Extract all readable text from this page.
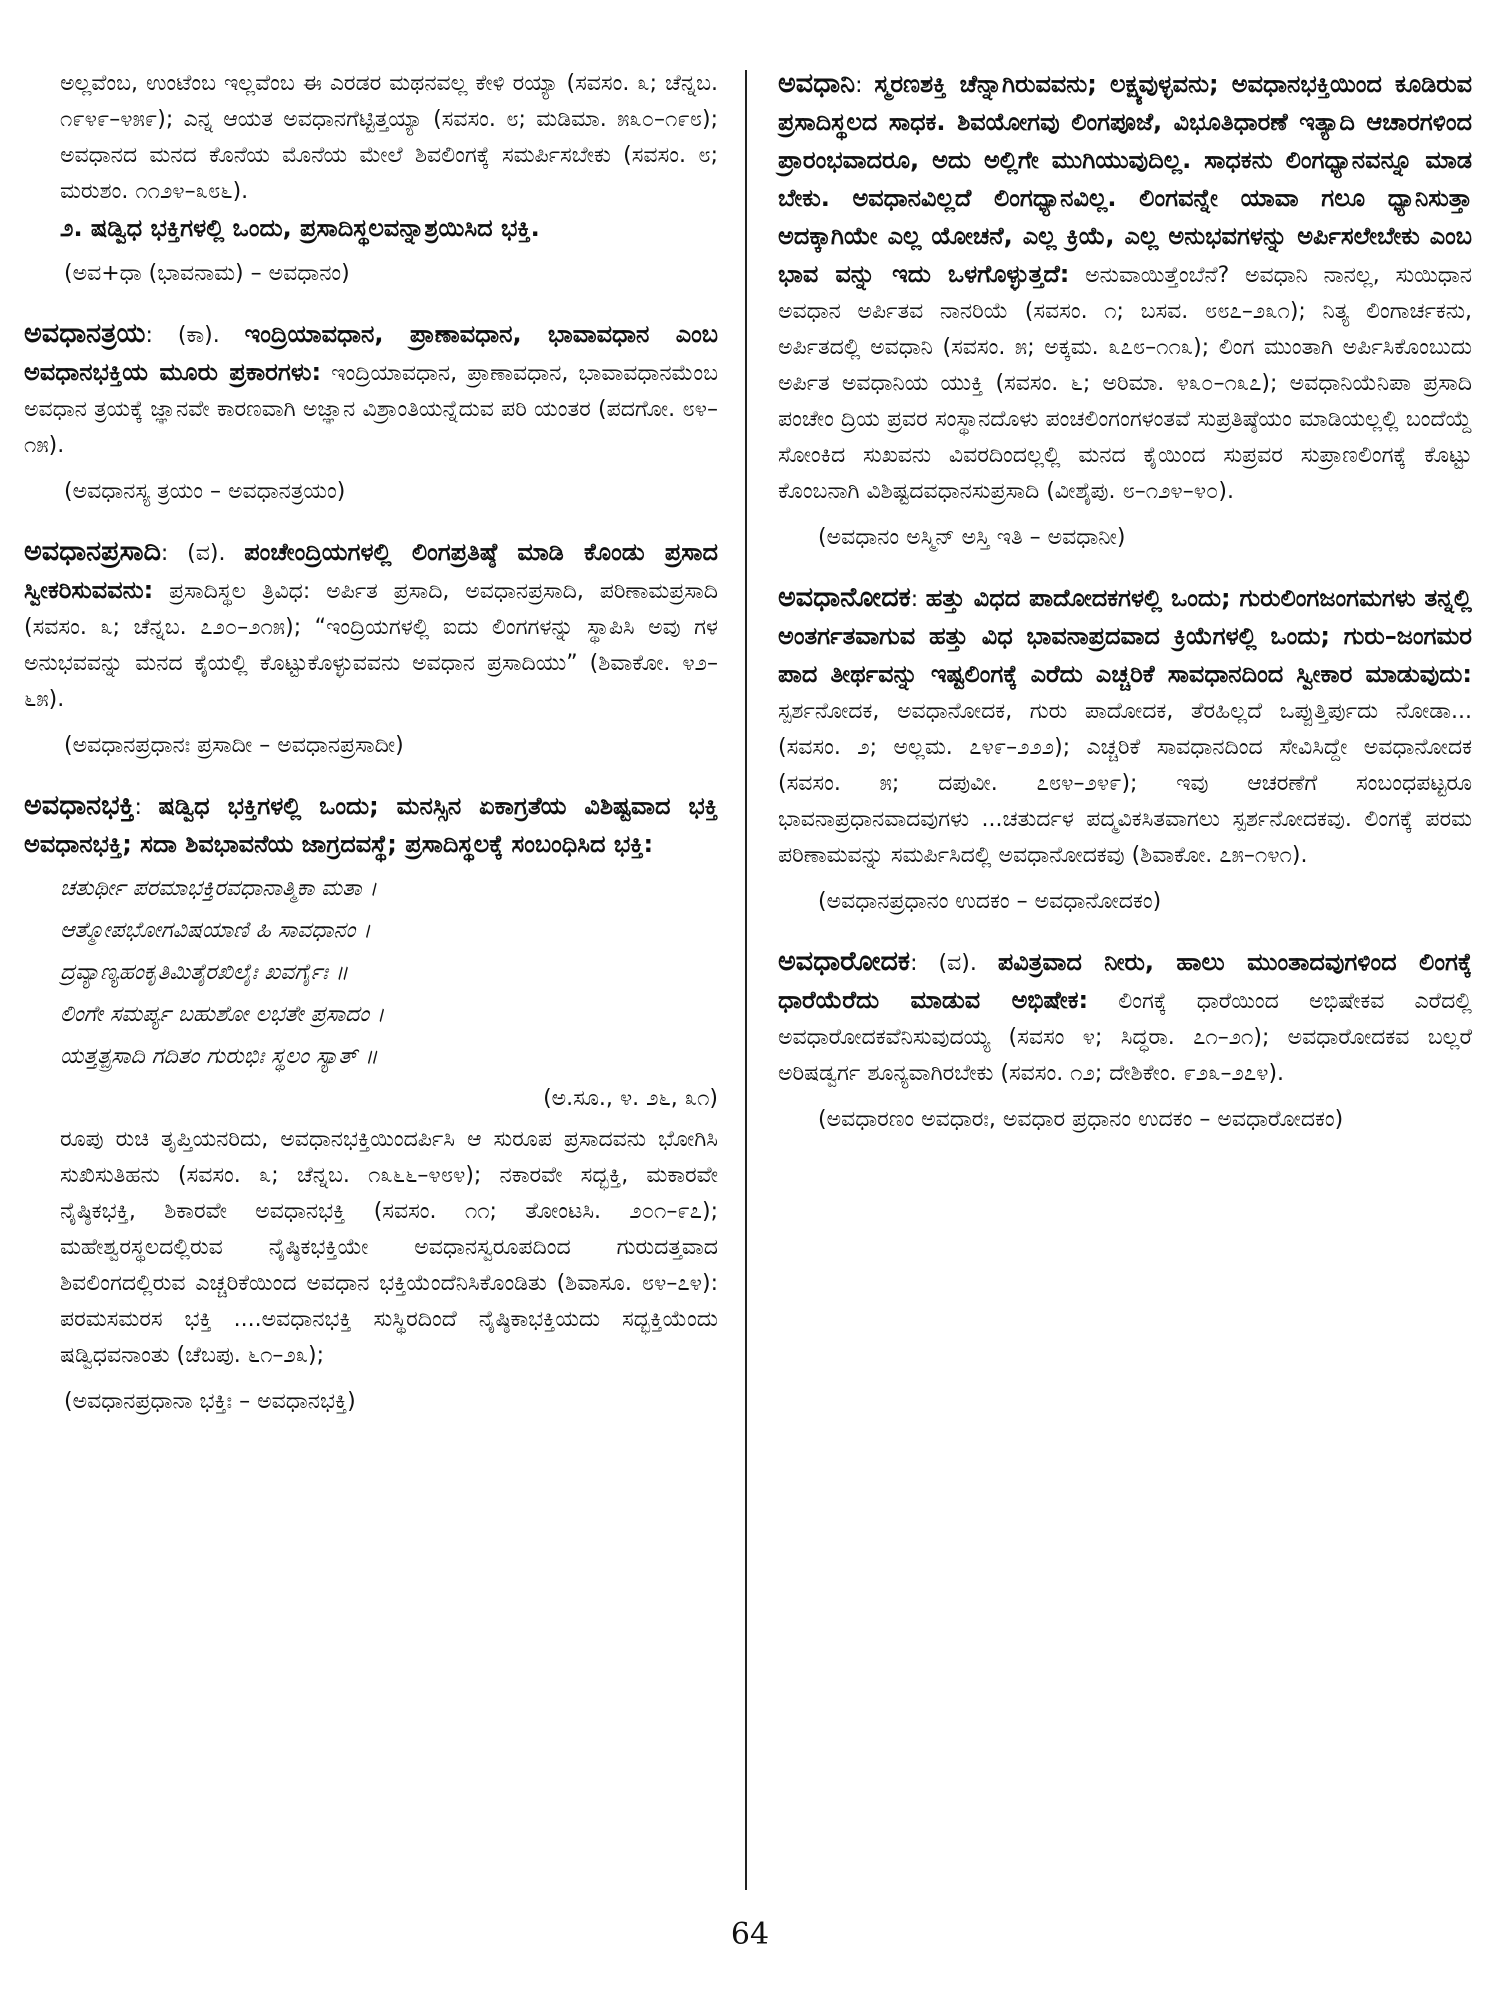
ಅಲ್ಲವೆಂಬ, ಉಂಟೆಂಬ ಇಲ್ಲವೆಂಬ ಈ ಎರಡರ ಮಥನವಲ್ಲ ಕೇಳಿ ರಯ್ಯಾ (ಸವಸಂ. ೩; ಚೆನ್ನಬ. ೧೯೪೯–೪೫೯); ಎನ್ನ ಆಯತ ಅವಧಾನಗೆಟ್ಟಿತ್ತಯ್ಯಾ (ಸವಸಂ. ೮; ಮಡಿಮಾ. ೫೩೦–೧೯೮); ಅವಧಾನದ ಮನದ ಕೊನೆಯ ಮೊನೆಯ ಮೇಲೆ ಶಿವಲಿಂಗಕ್ಕೆ ಸಮರ್ಪಿಸಬೇಕು (ಸವಸಂ. ೮; ಮರುಶಂ. ೧೧೨೪–೩೮೬).

೨. ಷಡ್ವಿಧ ಭಕ್ತಿಗಳಲ್ಲಿ ಒಂದು, ಪ್ರಸಾದಿಸ್ಥಲವನ್ನಾಶ್ರಯಿಸಿದ ಭಕ್ತಿ.

(ಅವ+ಧಾ (ಭಾವನಾಮ) – ಅವಧಾನಂ)

ಅವಧಾನತ್ರಯ: (ಕಾ). ಇಂದ್ರಿಯಾವಧಾನ, ಪ್ರಾಣಾವಧಾನ, ಭಾವಾವಧಾನ ಎಂಬ ಅವಧಾನಭಕ್ತಿಯ ಮೂರು ಪ್ರಕಾರಗಳು: ಇಂದ್ರಿಯಾವಧಾನ, ಪ್ರಾಣಾವಧಾನ, ಭಾವಾವಧಾನಮೆಂಬ ಅವಧಾನ ತ್ರಯಕ್ಕೆ ಜ್ಞಾನವೇ ಕಾರಣವಾಗಿ ಅಜ್ಞಾನ ವಿಶ್ರಾಂತಿಯನ್ನೆದುವ ಪರಿ ಯಂತರ (ಪದಗೋ. ೮೪–೧೫).

(ಅವಧಾನಸ್ಯ ತ್ರಯಂ – ಅವಧಾನತ್ರಯಂ)

ಅವಧಾನಪ್ರಸಾದಿ: (ವ). ಪಂಚೇಂದ್ರಿಯಗಳಲ್ಲಿ ಲಿಂಗಪ್ರತಿಷ್ಠೆ ಮಾಡಿ ಕೊಂಡು ಪ್ರಸಾದ ಸ್ವೀಕರಿಸುವವನು: ಪ್ರಸಾದಿಸ್ಥಲ ತ್ರಿವಿಧ: ಅರ್ಪಿತ ಪ್ರಸಾದಿ, ಅವಧಾನಪ್ರಸಾದಿ, ಪರಿಣಾಮಪ್ರಸಾದಿ (ಸವಸಂ. ೩; ಚೆನ್ನಬ. ೭೨೦–೨೧೫); “ಇಂದ್ರಿಯಗಳಲ್ಲಿ ಐದು ಲಿಂಗಗಳನ್ನು ಸ್ಥಾಪಿಸಿ ಅವು ಗಳ ಅನುಭವವನ್ನು ಮನದ ಕೈಯಲ್ಲಿ ಕೊಟ್ಟುಕೊಳ್ಳುವವನು ಅವಧಾನ ಪ್ರಸಾದಿಯು” (ಶಿವಾಕೋ. ೪೨–೬೫).

(ಅವಧಾನಪ್ರಧಾನಃ ಪ್ರಸಾದೀ – ಅವಧಾನಪ್ರಸಾದೀ)

ಅವಧಾನಭಕ್ತಿ: ಷಡ್ವಿಧ ಭಕ್ತಿಗಳಲ್ಲಿ ಒಂದು; ಮನಸ್ಸಿನ ಏಕಾಗ್ರತೆಯ ವಿಶಿಷ್ಟವಾದ ಭಕ್ತಿ ಅವಧಾನಭಕ್ತಿ; ಸದಾ ಶಿವಭಾವನೆಯ ಜಾಗ್ರದವಸ್ಥೆ; ಪ್ರಸಾದಿಸ್ಥಲಕ್ಕೆ ಸಂಬಂಧಿಸಿದ ಭಕ್ತಿ:

ಚತುರ್ಥೀ ಪರಮಾಭಕ್ತಿರವಧಾನಾತ್ಮಿಕಾ ಮತಾ ।
ಆತ್ಮೋಪಭೋಗವಿಷಯಾಣಿ ಹಿ ಸಾವಧಾನಂ ।
ದ್ರವ್ಯಾಣ್ಯಹಂಕೃತಿಮಿತೈರಖಿಲೈಃ ಖವರ್ಗೈಃ ॥
ಲಿಂಗೇ ಸಮರ್ಪ್ಯ ಬಹುಶೋ ಲಭತೇ ಪ್ರಸಾದಂ ।
ಯತ್ತತ್ಪ್ರಸಾದಿ ಗದಿತಂ ಗುರುಭಿಃ ಸ್ಥಲಂ ಸ್ಯಾತ್ ॥
(ಅ.ಸೂ., ೪. ೨೬, ೩೧)

ರೂಪು ರುಚಿ ತೃಪ್ತಿಯನರಿದು, ಅವಧಾನಭಕ್ತಿಯಿಂದರ್ಪಿಸಿ ಆ ಸುರೂಪ ಪ್ರಸಾದವನು ಭೋಗಿಸಿ ಸುಖಿಸುತಿಹನು (ಸವಸಂ. ೩; ಚೆನ್ನಬ. ೧೩೬೬–೪೮೪); ನಕಾರವೇ ಸದ್ಭಕ್ತಿ, ಮಕಾರವೇ ನೈಷ್ಠಿಕಭಕ್ತಿ, ಶಿಕಾರವೇ ಅವಧಾನಭಕ್ತಿ (ಸವಸಂ. ೧೧; ತೋಂಟಸಿ. ೨೦೧–೯೭); ಮಹೇಶ್ವರಸ್ಥಲದಲ್ಲಿರುವ ನೈಷ್ಠಿಕಭಕ್ತಿಯೇ ಅವಧಾನಸ್ವರೂಪದಿಂದ ಗುರುದತ್ತವಾದ ಶಿವಲಿಂಗದಲ್ಲಿರುವ ಎಚ್ಚರಿಕೆಯಿಂದ ಅವಧಾನ ಭಕ್ತಿಯೆಂದೆನಿಸಿಕೊಂಡಿತು (ಶಿವಾಸೂ. ೮೪–೭೪): ಪರಮಸಮರಸ ಭಕ್ತಿ ....ಅವಧಾನಭಕ್ತಿ ಸುಸ್ಥಿರದಿಂದೆ ನೈಷ್ಠಿಕಾಭಕ್ತಿಯದು ಸದ್ಭಕ್ತಿಯೆಂದು ಷಡ್ವಿಧವನಾಂತು (ಚೆಬಪು. ೬೧–೨೩);

(ಅವಧಾನಪ್ರಧಾನಾ ಭಕ್ತಿಃ – ಅವಧಾನಭಕ್ತಿ)

ಅವಧಾನಿ: ಸ್ಮರಣಶಕ್ತಿ ಚೆನ್ನಾಗಿರುವವನು; ಲಕ್ಷ್ಯವುಳ್ಳವನು; ಅವಧಾನಭಕ್ತಿಯಿಂದ ಕೂಡಿರುವ ಪ್ರಸಾದಿಸ್ಥಲದ ಸಾಧಕ. ಶಿವಯೋಗವು ಲಿಂಗಪೂಜೆ, ವಿಭೂತಿಧಾರಣೆ ಇತ್ಯಾದಿ ಆಚಾರಗಳಿಂದ ಪ್ರಾರಂಭವಾದರೂ, ಅದು ಅಲ್ಲಿಗೇ ಮುಗಿಯುವುದಿಲ್ಲ. ಸಾಧಕನು ಲಿಂಗಧ್ಯಾನವನ್ನೂ ಮಾಡ ಬೇಕು. ಅವಧಾನವಿಲ್ಲದೆ ಲಿಂಗಧ್ಯಾನವಿಲ್ಲ. ಲಿಂಗವನ್ನೇ ಯಾವಾ ಗಲೂ ಧ್ಯಾನಿಸುತ್ತಾ ಅದಕ್ಕಾಗಿಯೇ ಎಲ್ಲ ಯೋಚನೆ, ಎಲ್ಲ ಕ್ರಿಯೆ, ಎಲ್ಲ ಅನುಭವಗಳನ್ನು ಅರ್ಪಿಸಲೇಬೇಕು ಎಂಬ ಭಾವ ವನ್ನು ಇದು ಒಳಗೊಳ್ಳುತ್ತದೆ: ಅನುವಾಯಿತ್ತೆಂಬೆನೆ? ಅವಧಾನಿ ನಾನಲ್ಲ, ಸುಯಿಧಾನ ಅವಧಾನ ಅರ್ಪಿತವ ನಾನರಿಯೆ (ಸವಸಂ. ೧; ಬಸವ. ೮೮೭–೨೩೧); ನಿತ್ಯ ಲಿಂಗಾರ್ಚಕನು, ಅರ್ಪಿತದಲ್ಲಿ ಅವಧಾನಿ (ಸವಸಂ. ೫; ಅಕ್ಕಮ. ೩೭೮–೧೧೩); ಲಿಂಗ ಮುಂತಾಗಿ ಅರ್ಪಿಸಿಕೊಂಬುದು ಅರ್ಪಿತ ಅವಧಾನಿಯ ಯುಕ್ತಿ (ಸವಸಂ. ೬; ಅರಿಮಾ. ೪೩೦–೧೩೭); ಅವಧಾನಿಯೆನಿಪಾ ಪ್ರಸಾದಿ ಪಂಚೇಂ ದ್ರಿಯ ಪ್ರವರ ಸಂಸ್ಥಾನದೊಳು ಪಂಚಲಿಂಗಂಗಳಂತವೆ ಸುಪ್ರತಿಷ್ಠೆಯಂ ಮಾಡಿಯಲ್ಲಲ್ಲಿ ಬಂದೆಯ್ದೆ ಸೋಂಕಿದ ಸುಖವನು ವಿವರದಿಂದಲ್ಲಲ್ಲಿ ಮನದ ಕೈಯಿಂದ ಸುಪ್ರವರ ಸುಪ್ರಾಣಲಿಂಗಕ್ಕೆ ಕೊಟ್ಟು ಕೊಂಬನಾಗಿ ವಿಶಿಷ್ಟದವಧಾನಸುಪ್ರಸಾದಿ (ವೀಶೈಪು. ೮–೧೨೪–೪೦).

(ಅವಧಾನಂ ಅಸ್ಮಿನ್ ಅಸ್ತಿ ಇತಿ – ಅವಧಾನೀ)

ಅವಧಾನೋದಕ: ಹತ್ತು ವಿಧದ ಪಾದೋದಕಗಳಲ್ಲಿ ಒಂದು; ಗುರುಲಿಂಗಜಂಗಮಗಳು ತನ್ನಲ್ಲಿ ಅಂತರ್ಗತವಾಗುವ ಹತ್ತು ವಿಧ ಭಾವನಾಪ್ರದವಾದ ಕ್ರಿಯೆಗಳಲ್ಲಿ ಒಂದು; ಗುರು–ಜಂಗಮರ ಪಾದ ತೀರ್ಥವನ್ನು ಇಷ್ಟಲಿಂಗಕ್ಕೆ ಎರೆದು ಎಚ್ಚರಿಕೆ ಸಾವಧಾನದಿಂದ ಸ್ವೀಕಾರ ಮಾಡುವುದು: ಸ್ಪರ್ಶನೋದಕ, ಅವಧಾನೋದಕ, ಗುರು ಪಾದೋದಕ, ತೆರಹಿಲ್ಲದೆ ಒಪ್ಪುತ್ತಿರ್ಪುದು ನೋಡಾ... (ಸವಸಂ. ೨; ಅಲ್ಲಮ. ೭೪೯–೨೨೨); ಎಚ್ಚರಿಕೆ ಸಾವಧಾನದಿಂದ ಸೇವಿಸಿದ್ದೇ ಅವಧಾನೋದಕ (ಸವಸಂ. ೫; ದಪುವೀ. ೭೮೪–೨೪೯); ಇವು ಆಚರಣೆಗೆ ಸಂಬಂಧಪಟ್ಟರೂ ಭಾವನಾಪ್ರಧಾನವಾದವುಗಳು ...ಚತುರ್ದಳ ಪದ್ಮವಿಕಸಿತವಾಗಲು ಸ್ಪರ್ಶನೋದಕವು. ಲಿಂಗಕ್ಕೆ ಪರಮ ಪರಿಣಾಮವನ್ನು ಸಮರ್ಪಿಸಿದಲ್ಲಿ ಅವಧಾನೋದಕವು (ಶಿವಾಕೋ. ೭೫–೧೪೧).

(ಅವಧಾನಪ್ರಧಾನಂ ಉದಕಂ – ಅವಧಾನೋದಕಂ)

ಅವಧಾರೋದಕ: (ವ). ಪವಿತ್ರವಾದ ನೀರು, ಹಾಲು ಮುಂತಾದವುಗಳಿಂದ ಲಿಂಗಕ್ಕೆ ಧಾರೆಯೆರೆದು ಮಾಡುವ ಅಭಿಷೇಕ: ಲಿಂಗಕ್ಕೆ ಧಾರೆಯಿಂದ ಅಭಿಷೇಕವ ಎರೆದಲ್ಲಿ ಅವಧಾರೋದಕವೆನಿಸುವುದಯ್ಯ (ಸವಸಂ ೪; ಸಿದ್ಧರಾ. ೭೧–೨೧); ಅವಧಾರೋದಕವ ಬಲ್ಲರೆ ಅರಿಷಡ್ವರ್ಗ ಶೂನ್ಯವಾಗಿರಬೇಕು (ಸವಸಂ. ೧೨; ದೇಶಿಕೇಂ. ೯೨೩–೨೭೪).

(ಅವಧಾರಣಂ ಅವಧಾರಃ, ಅವಧಾರ ಪ್ರಧಾನಂ ಉದಕಂ – ಅವಧಾರೋದಕಂ)
64
